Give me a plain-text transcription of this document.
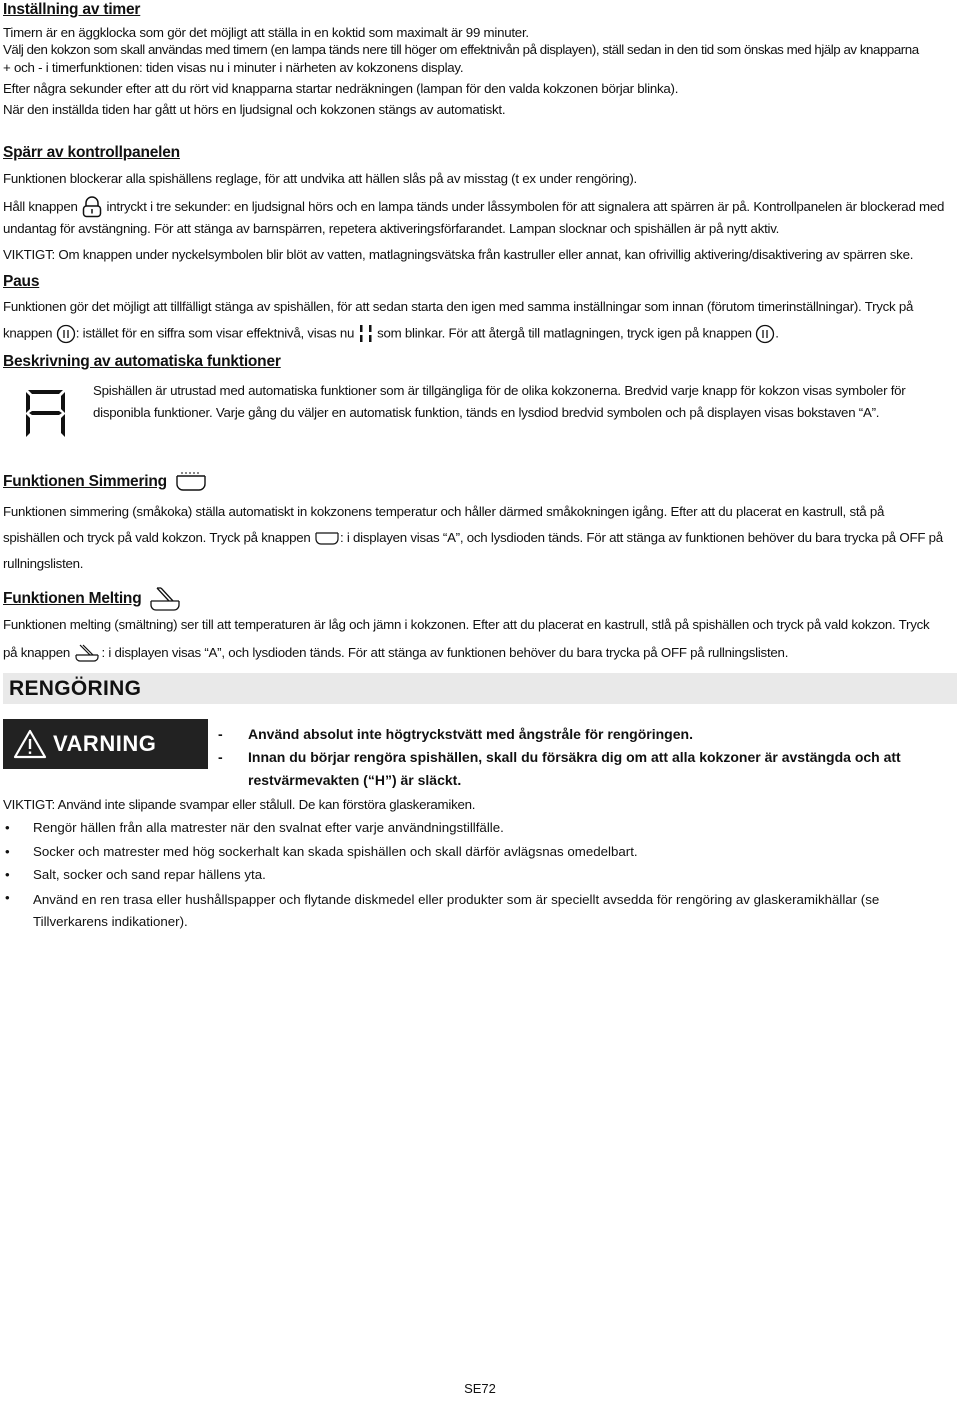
Inställning av timer

Timern är en äggklocka som gör det möjligt att ställa in en koktid som maximalt är 99 minuter.

Välj den kokzon som skall användas med timern (en lampa tänds nere till höger om effektnivån på displayen), ställ sedan in den tid som önskas med hjälp av knapparna

+ och - i timerfunktionen: tiden visas nu i minuter i närheten av kokzonens display.

Efter några sekunder efter att du rört vid knapparna startar nedräkningen (lampan för den valda kokzonen börjar blinka).

När den inställda tiden har gått ut hörs en ljudsignal och kokzonen stängs av automatiskt.

Spärr av kontrollpanelen

Funktionen blockerar alla spishällens reglage, för att undvika att hällen slås på av misstag (t ex under rengöring).

Håll knappen intryckt i tre sekunder: en ljudsignal hörs och en lampa tänds under låssymbolen för att signalera att spärren är på. Kontrollpanelen är blockerad med undantag för avstängning. För att stänga av barnspärren, repetera aktiveringsförfarandet. Lampan slocknar och spishällen är på nytt aktiv.

VIKTIGT: Om knappen under nyckelsymbolen blir blöt av vatten, matlagningsvätska från kastruller eller annat, kan ofrivillig aktivering/disaktivering av spärren ske.

Paus

Funktionen gör det möjligt att tillfälligt stänga av spishällen, för att sedan starta den igen med samma inställningar som innan (förutom timerinställningar). Tryck på

knappen : istället för en siffra som visar effektnivå, visas nu som blinkar. För att återgå till matlagningen, tryck igen på knappen .

Beskrivning av automatiska funktioner

Spishällen är utrustad med automatiska funktioner som är tillgängliga för de olika kokzonerna. Bredvid varje knapp för kokzon visas symboler för disponibla funktioner. Varje gång du väljer en automatisk funktion, tänds en lysdiod bredvid symbolen och på displayen visas bokstaven “A”.

Funktionen Simmering

Funktionen simmering (småkoka) ställa automatiskt in kokzonens temperatur och håller därmed småkokningen igång. Efter att du placerat en kastrull, stå på

spishällen och tryck på vald kokzon. Tryck på knappen : i displayen visas “A”, och lysdioden tänds. För att stänga av funktionen behöver du bara trycka på OFF på rullningslisten.

Funktionen Melting

Funktionen melting (smältning) ser till att temperaturen är låg och jämn i kokzonen. Efter att du placerat en kastrull, stlå på spishällen och tryck på vald kokzon. Tryck

på knappen : i displayen visas “A”, och lysdioden tänds. För att stänga av funktionen behöver du bara trycka på OFF på rullningslisten.

RENGÖRING
VARNING	-	Använd absolut inte högtryckstvätt med ångstråle för rengöringen.
-	Innan du börjar rengöra spishällen, skall du försäkra dig om att alla kokzoner är avstängda och att restvärmevakten (“H”) är släckt.

VIKTIGT: Använd inte slipande svampar eller stålull. De kan förstöra glaskeramiken.

•	Rengör hällen från alla matrester när den svalnat efter varje användningstillfälle.
•	Socker och matrester med hög sockerhalt kan skada spishällen och skall därför avlägsnas omedelbart.
•	Salt, socker och sand repar hällens yta.
•	Använd en ren trasa eller hushållspapper och flytande diskmedel eller produkter som är speciellt avsedda för rengöring av glaskeramikhällar (se Tillverkarens indikationer).
SE72
